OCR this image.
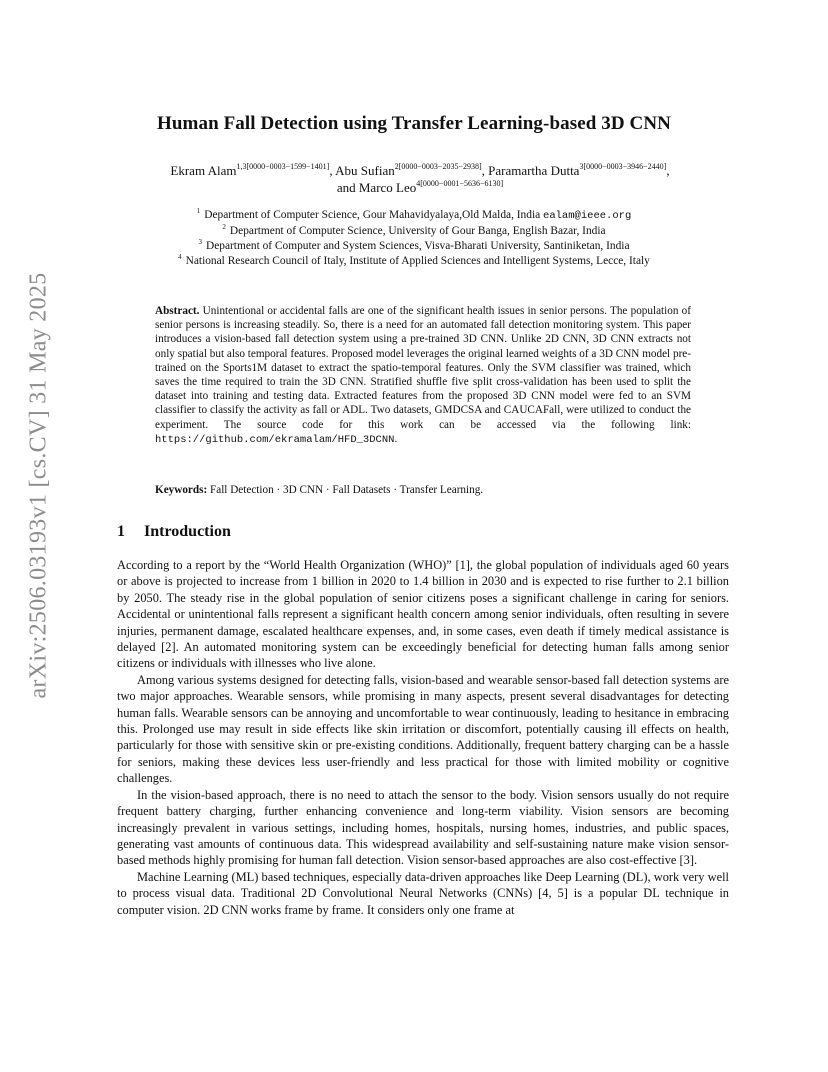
arXiv:2506.03193v1 [cs.CV] 31 May 2025
Human Fall Detection using Transfer Learning-based 3D CNN
Ekram Alam$^{1,3[0000-0003-1599-1401]}$, Abu Sufian$^{2[0000-0003-2035-2938]}$, Paramartha Dutta$^{3[0000-0003-3946-2440]}$, and Marco Leo$^{4[0000-0001-5636-6130]}$
$^1$ Department of Computer Science, Gour Mahavidyalaya,Old Malda, India ealam@ieee.org
$^2$ Department of Computer Science, University of Gour Banga, English Bazar, India
$^3$ Department of Computer and System Sciences, Visva-Bharati University, Santiniketan, India
$^4$ National Research Council of Italy, Institute of Applied Sciences and Intelligent Systems, Lecce, Italy
Abstract. Unintentional or accidental falls are one of the significant health issues in senior persons. The population of senior persons is increasing steadily. So, there is a need for an automated fall detection monitoring system. This paper introduces a vision-based fall detection system using a pre-trained 3D CNN. Unlike 2D CNN, 3D CNN extracts not only spatial but also temporal features. Proposed model leverages the original learned weights of a 3D CNN model pre-trained on the Sports1M dataset to extract the spatio-temporal features. Only the SVM classifier was trained, which saves the time required to train the 3D CNN. Stratified shuffle five split cross-validation has been used to split the dataset into training and testing data. Extracted features from the proposed 3D CNN model were fed to an SVM classifier to classify the activity as fall or ADL. Two datasets, GMDCSA and CAUCAFall, were utilized to conduct the experiment. The source code for this work can be accessed via the following link: https://github.com/ekramalam/HFD_3DCNN.
Keywords: Fall Detection · 3D CNN · Fall Datasets · Transfer Learning.
1 Introduction

According to a report by the “World Health Organization (WHO)” [1], the global population of individuals aged 60 years or above is projected to increase from 1 billion in 2020 to 1.4 billion in 2030 and is expected to rise further to 2.1 billion by 2050. The steady rise in the global population of senior citizens poses a significant challenge in caring for seniors. Accidental or unintentional falls represent a significant health concern among senior individuals, often resulting in severe injuries, permanent damage, escalated healthcare expenses, and, in some cases, even death if timely medical assistance is delayed [2]. An automated monitoring system can be exceedingly beneficial for detecting human falls among senior citizens or individuals with illnesses who live alone.

Among various systems designed for detecting falls, vision-based and wearable sensor-based fall detection systems are two major approaches. Wearable sensors, while promising in many aspects, present several disadvantages for detecting human falls. Wearable sensors can be annoying and uncomfortable to wear continuously, leading to hesitance in embracing this. Prolonged use may result in side effects like skin irritation or discomfort, potentially causing ill effects on health, particularly for those with sensitive skin or pre-existing conditions. Additionally, frequent battery charging can be a hassle for seniors, making these devices less user-friendly and less practical for those with limited mobility or cognitive challenges.

In the vision-based approach, there is no need to attach the sensor to the body. Vision sensors usually do not require frequent battery charging, further enhancing convenience and long-term viability. Vision sensors are becoming increasingly prevalent in various settings, including homes, hospitals, nursing homes, industries, and public spaces, generating vast amounts of continuous data. This widespread availability and self-sustaining nature make vision sensor-based methods highly promising for human fall detection. Vision sensor-based approaches are also cost-effective [3].

Machine Learning (ML) based techniques, especially data-driven approaches like Deep Learning (DL), work very well to process visual data. Traditional 2D Convolutional Neural Networks (CNNs) [4, 5] is a popular DL technique in computer vision. 2D CNN works frame by frame. It considers only one frame at
